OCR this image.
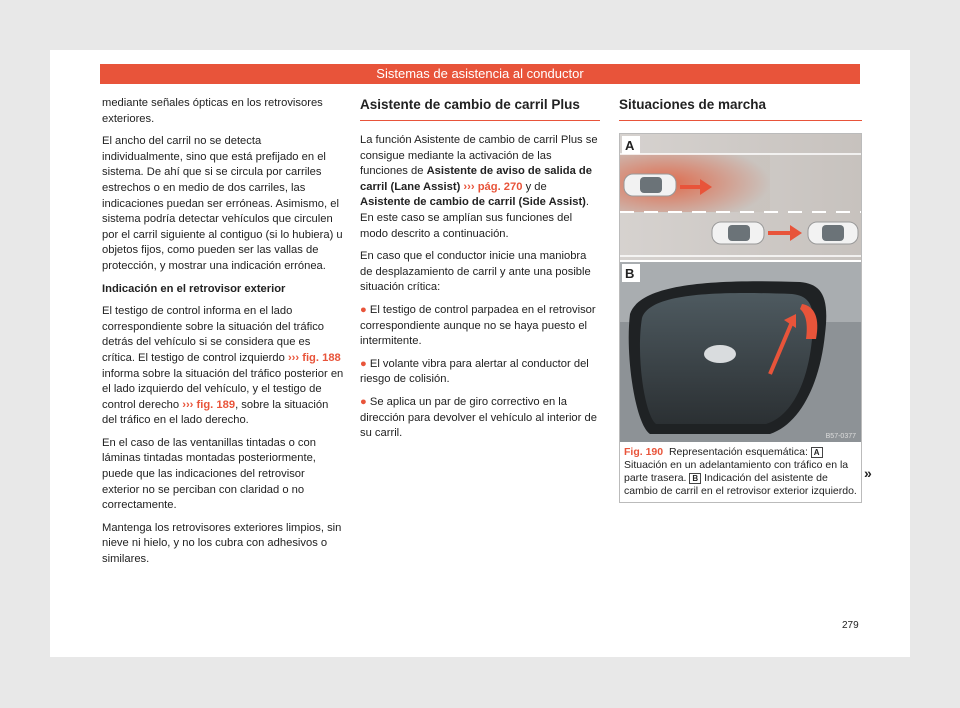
Sistemas de asistencia al conductor

mediante señales ópticas en los retrovisores exteriores.

El ancho del carril no se detecta individualmente, sino que está prefijado en el sistema. De ahí que si se circula por carriles estrechos o en medio de dos carriles, las indicaciones puedan ser erróneas. Asimismo, el sistema podría detectar vehículos que circulen por el carril siguiente al contiguo (si lo hubiera) u objetos fijos, como pueden ser las vallas de protección, y mostrar una indicación errónea.

Indicación en el retrovisor exterior

El testigo de control informa en el lado correspondiente sobre la situación del tráfico detrás del vehículo si se considera que es crítica. El testigo de control izquierdo ››› fig. 188 informa sobre la situación del tráfico posterior en el lado izquierdo del vehículo, y el testigo de control derecho ››› fig. 189, sobre la situación del tráfico en el lado derecho.

En el caso de las ventanillas tintadas o con láminas tintadas montadas posteriormente, puede que las indicaciones del retrovisor exterior no se perciban con claridad o no correctamente.

Mantenga los retrovisores exteriores limpios, sin nieve ni hielo, y no los cubra con adhesivos o similares.

Asistente de cambio de carril Plus

La función Asistente de cambio de carril Plus se consigue mediante la activación de las funciones de Asistente de aviso de salida de carril (Lane Assist) ››› pág. 270 y de Asistente de cambio de carril (Side Assist). En este caso se amplían sus funciones del modo descrito a continuación.

En caso que el conductor inicie una maniobra de desplazamiento de carril y ante una posible situación crítica:

● El testigo de control parpadea en el retrovisor correspondiente aunque no se haya puesto el intermitente.

● El volante vibra para alertar al conductor del riesgo de colisión.

● Se aplica un par de giro correctivo en la dirección para devolver el vehículo al interior de su carril.

Situaciones de marcha
A
B
B57-0377
Fig. 190 Representación esquemática: A Situación en un adelantamiento con tráfico en la parte trasera. B Indicación del asistente de cambio de carril en el retrovisor exterior izquierdo.
»
279
